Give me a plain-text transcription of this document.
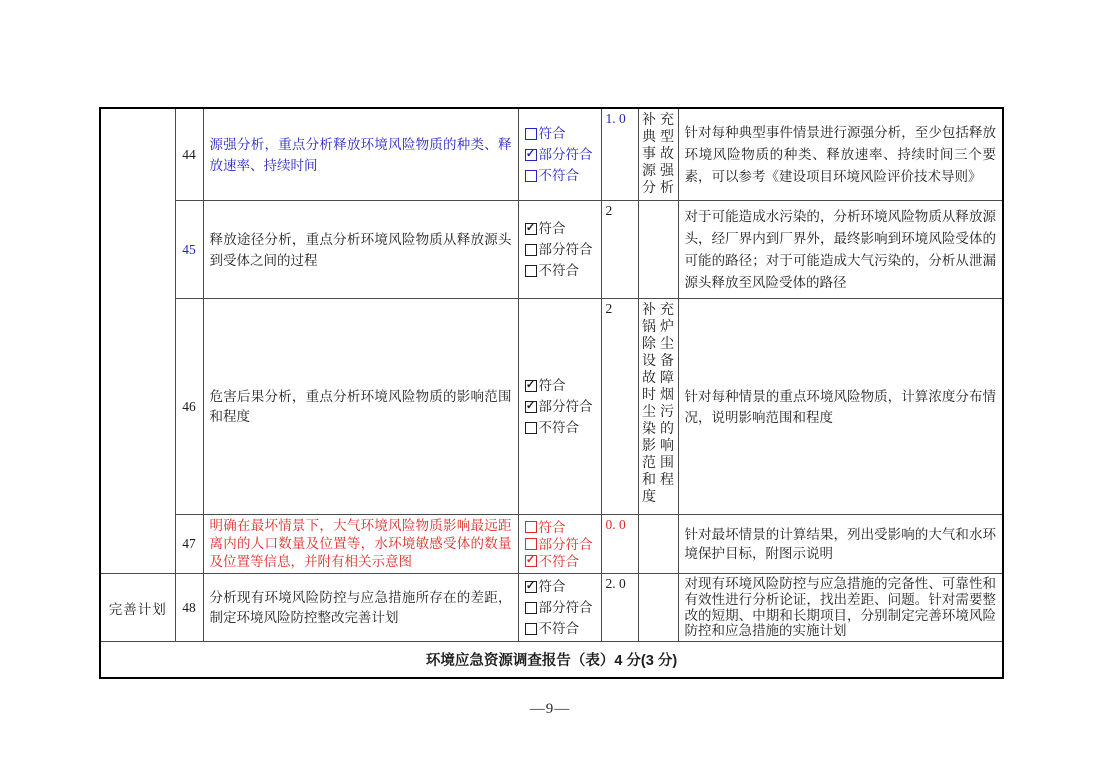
	44	源强分析，重点分析释放环境风险物质的种类、释放速率、持续时间	符合
✓
部分符合
不符合	1. 0	补充典型事故源强分析	针对每种典型事件情景进行源强分析，至少包括释放环境风险物质的种类、释放速率、持续时间三个要素，可以参考《建设项目环境风险评价技术导则》
	45	释放途径分析，重点分析环境风险物质从释放源头到受体之间的过程	
✓
符合
部分符合
不符合	2		对于可能造成水污染的，分析环境风险物质从释放源头，经厂界内到厂界外，最终影响到环境风险受体的可能的路径；对于可能造成大气污染的，分析从泄漏源头释放至风险受体的路径
	46	危害后果分析，重点分析环境风险物质的影响范围和程度	
✓
符合
✓
部分符合
不符合	2	补充锅炉除尘设备故障时烟尘污染的影响范围和程度	针对每种情景的重点环境风险物质，计算浓度分布情况，说明影响范围和程度
	47	明确在最坏情景下，大气环境风险物质影响最远距离内的人口数量及位置等，水环境敏感受体的数量及位置等信息，并附有相关示意图	符合
部分符合
✓
不符合	0. 0		针对最坏情景的计算结果，列出受影响的大气和水环境保护目标，附图示说明
完善计划	48	分析现有环境风险防控与应急措施所存在的差距，制定环境风险防控整改完善计划	
✓
符合
部分符合
不符合	2. 0		对现有环境风险防控与应急措施的完备性、可靠性和有效性进行分析论证，找出差距、问题。针对需要整改的短期、中期和长期项目，分别制定完善环境风险防控和应急措施的实施计划
环境应急资源调查报告（表）4 分(3 分)						
—9—
